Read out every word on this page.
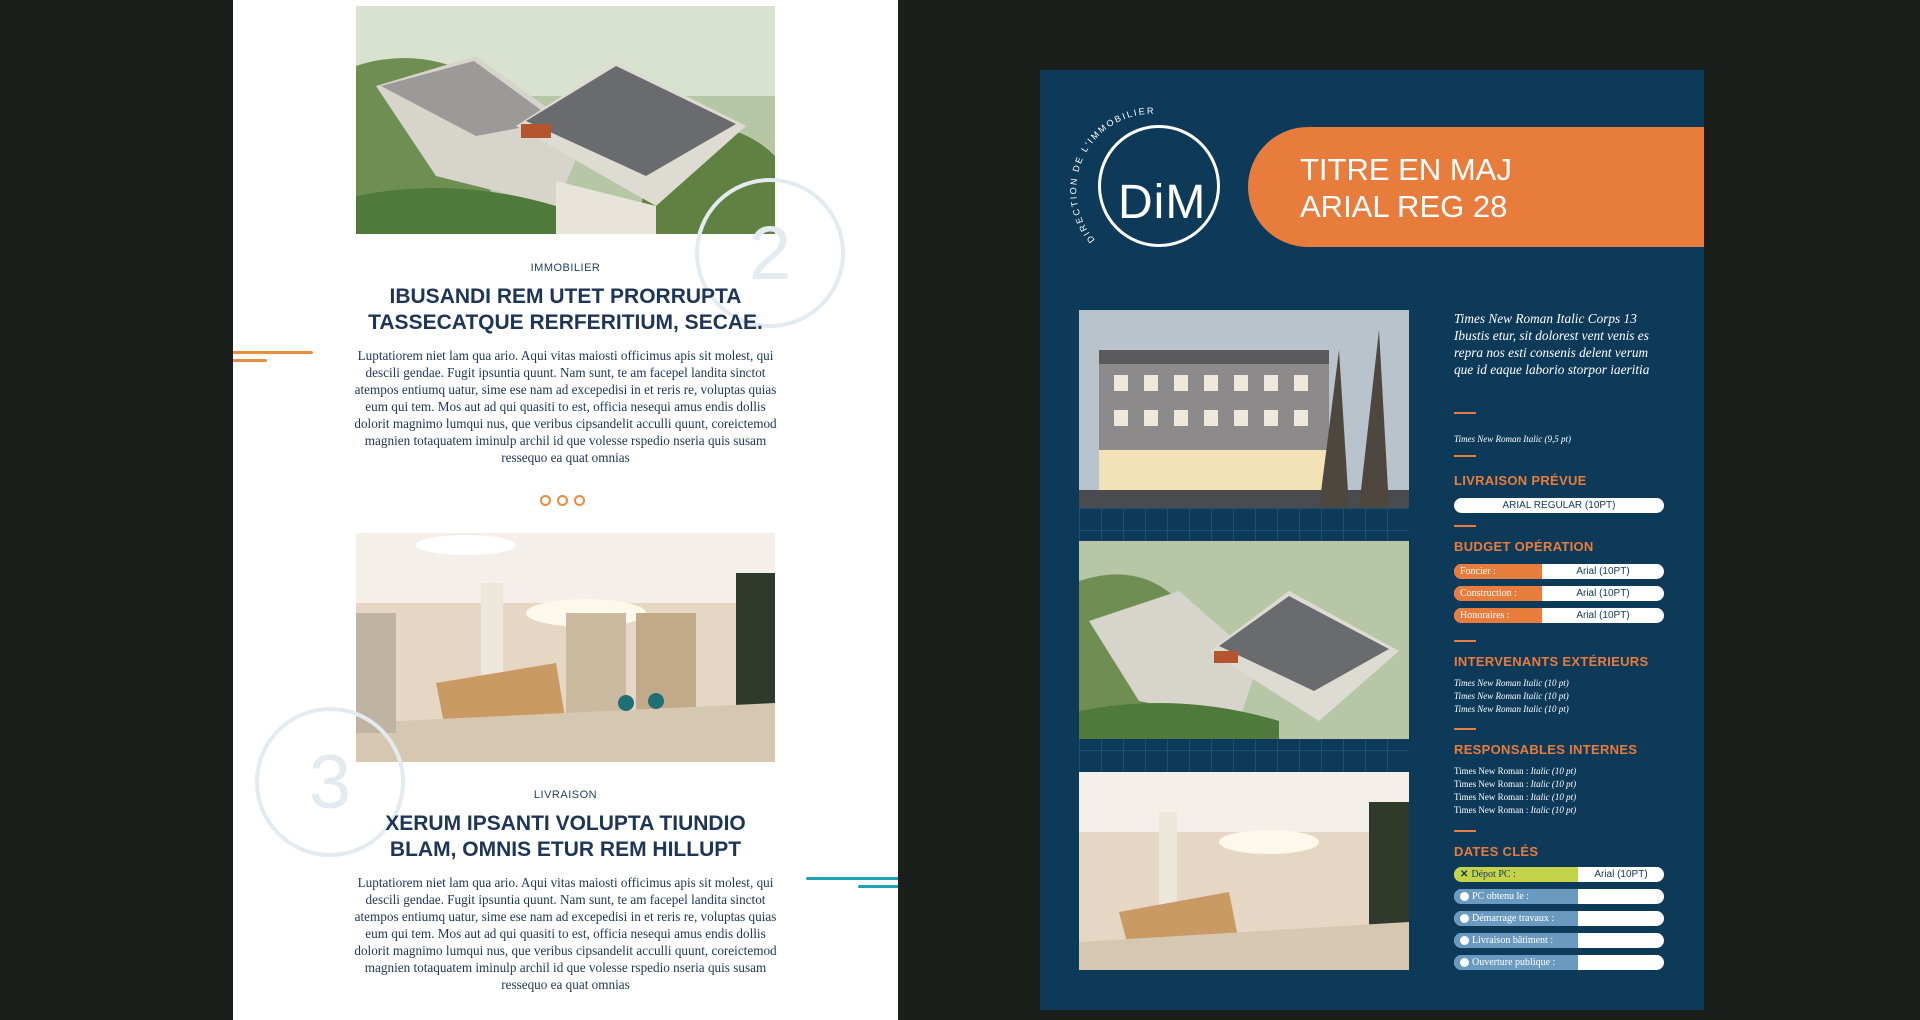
2
IMMOBILIER
IBUSANDI REM UTET PRORRUPTA
TASSECATQUE RERFERITIUM, SECAE.
Luptatiorem niet lam qua ario. Aqui vitas maiosti officimus apis sit molest, qui descili gendae. Fugit ipsuntia quunt. Nam sunt, te am facepel landita sinctot atempos entiumq uatur, sime ese nam ad excepedisi in et reris re, voluptas quias eum qui tem. Mos aut ad qui quasiti to est, officia nesequi amus endis dollis dolorit magnimo lumqui nus, que veribus cipsandelit acculli quunt, coreictemod magnien totaquatem iminulp archil id que volesse rspedio nseria quis susam ressequo ea quat omnias
3	LIVRAISON
XERUM IPSANTI VOLUPTA TIUNDIO
BLAM, OMNIS ETUR REM HILLUPT
Luptatiorem niet lam qua ario. Aqui vitas maiosti officimus apis sit molest, qui descili gendae. Fugit ipsuntia quunt. Nam sunt, te am facepel landita sinctot atempos entiumq uatur, sime ese nam ad excepedisi in et reris re, voluptas quias eum qui tem. Mos aut ad qui quasiti to est, officia nesequi amus endis dollis dolorit magnimo lumqui nus, que veribus cipsandelit acculli quunt, coreictemod magnien totaquatem iminulp archil id que volesse rspedio nseria quis susam ressequo ea quat omnias
DIRECTION DE L'IMMOBILIER
DiM
TITRE EN MAJ
ARIAL REG 28
Times New Roman Italic Corps 13 Ibustis etur, sit dolorest vent venis es repra nos esti consenis delent verum que id eaque laborio storpor iaeritia
Times New Roman Italic (9,5 pt)
LIVRAISON PRÉVUE
ARIAL REGULAR (10PT)
BUDGET OPÉRATION
Foncier :	Arial (10PT)
Construction :	Arial (10PT)
Honoraires :	Arial (10PT)
INTERVENANTS EXTÉRIEURS
Times New Roman Italic (10 pt)
Times New Roman Italic (10 pt)
Times New Roman Italic (10 pt)
RESPONSABLES INTERNES
Times New Roman : Italic (10 pt)
Times New Roman : Italic (10 pt)
Times New Roman : Italic (10 pt)
Times New Roman : Italic (10 pt)
DATES CLÉS
✕ Dépot PC :	Arial (10PT)
PC obtenu le :
Démarrage travaux :
Livraison bâtiment :
Ouverture publique :
